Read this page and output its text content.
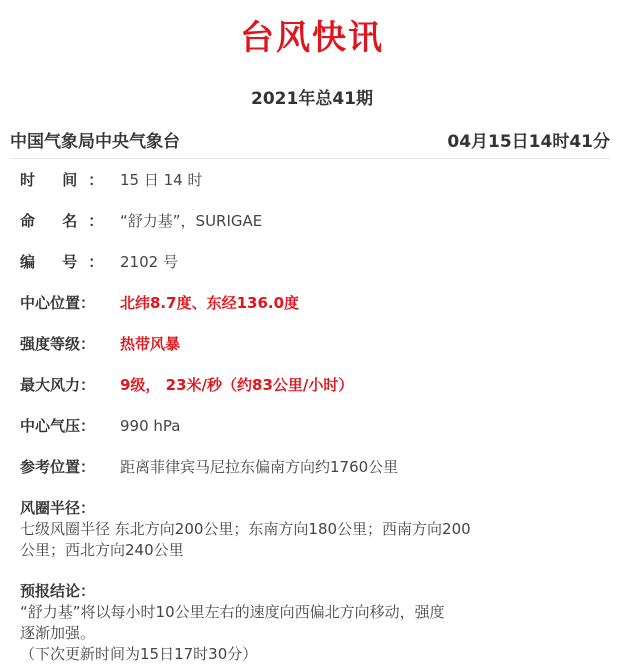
台风快讯
2021年总41期
中国气象局中央气象台	04月15日14时41分
时 间： 15 日 14 时
命 名： “舒力基”，SURIGAE
编 号： 2102 号
中心位置：	北纬8.7度、东经136.0度
强度等级：	热带风暴
最大风力：	9级， 23米/秒（约83公里/小时）
中心气压：	990 hPa
参考位置：	距离菲律宾马尼拉东偏南方向约1760公里
风圈半径：
七级风圈半径 东北方向200公里；东南方向180公里；西南方向200
公里；西北方向240公里
预报结论：
“舒力基”将以每小时10公里左右的速度向西偏北方向移动，强度
逐渐加强。
（下次更新时间为15日17时30分）
